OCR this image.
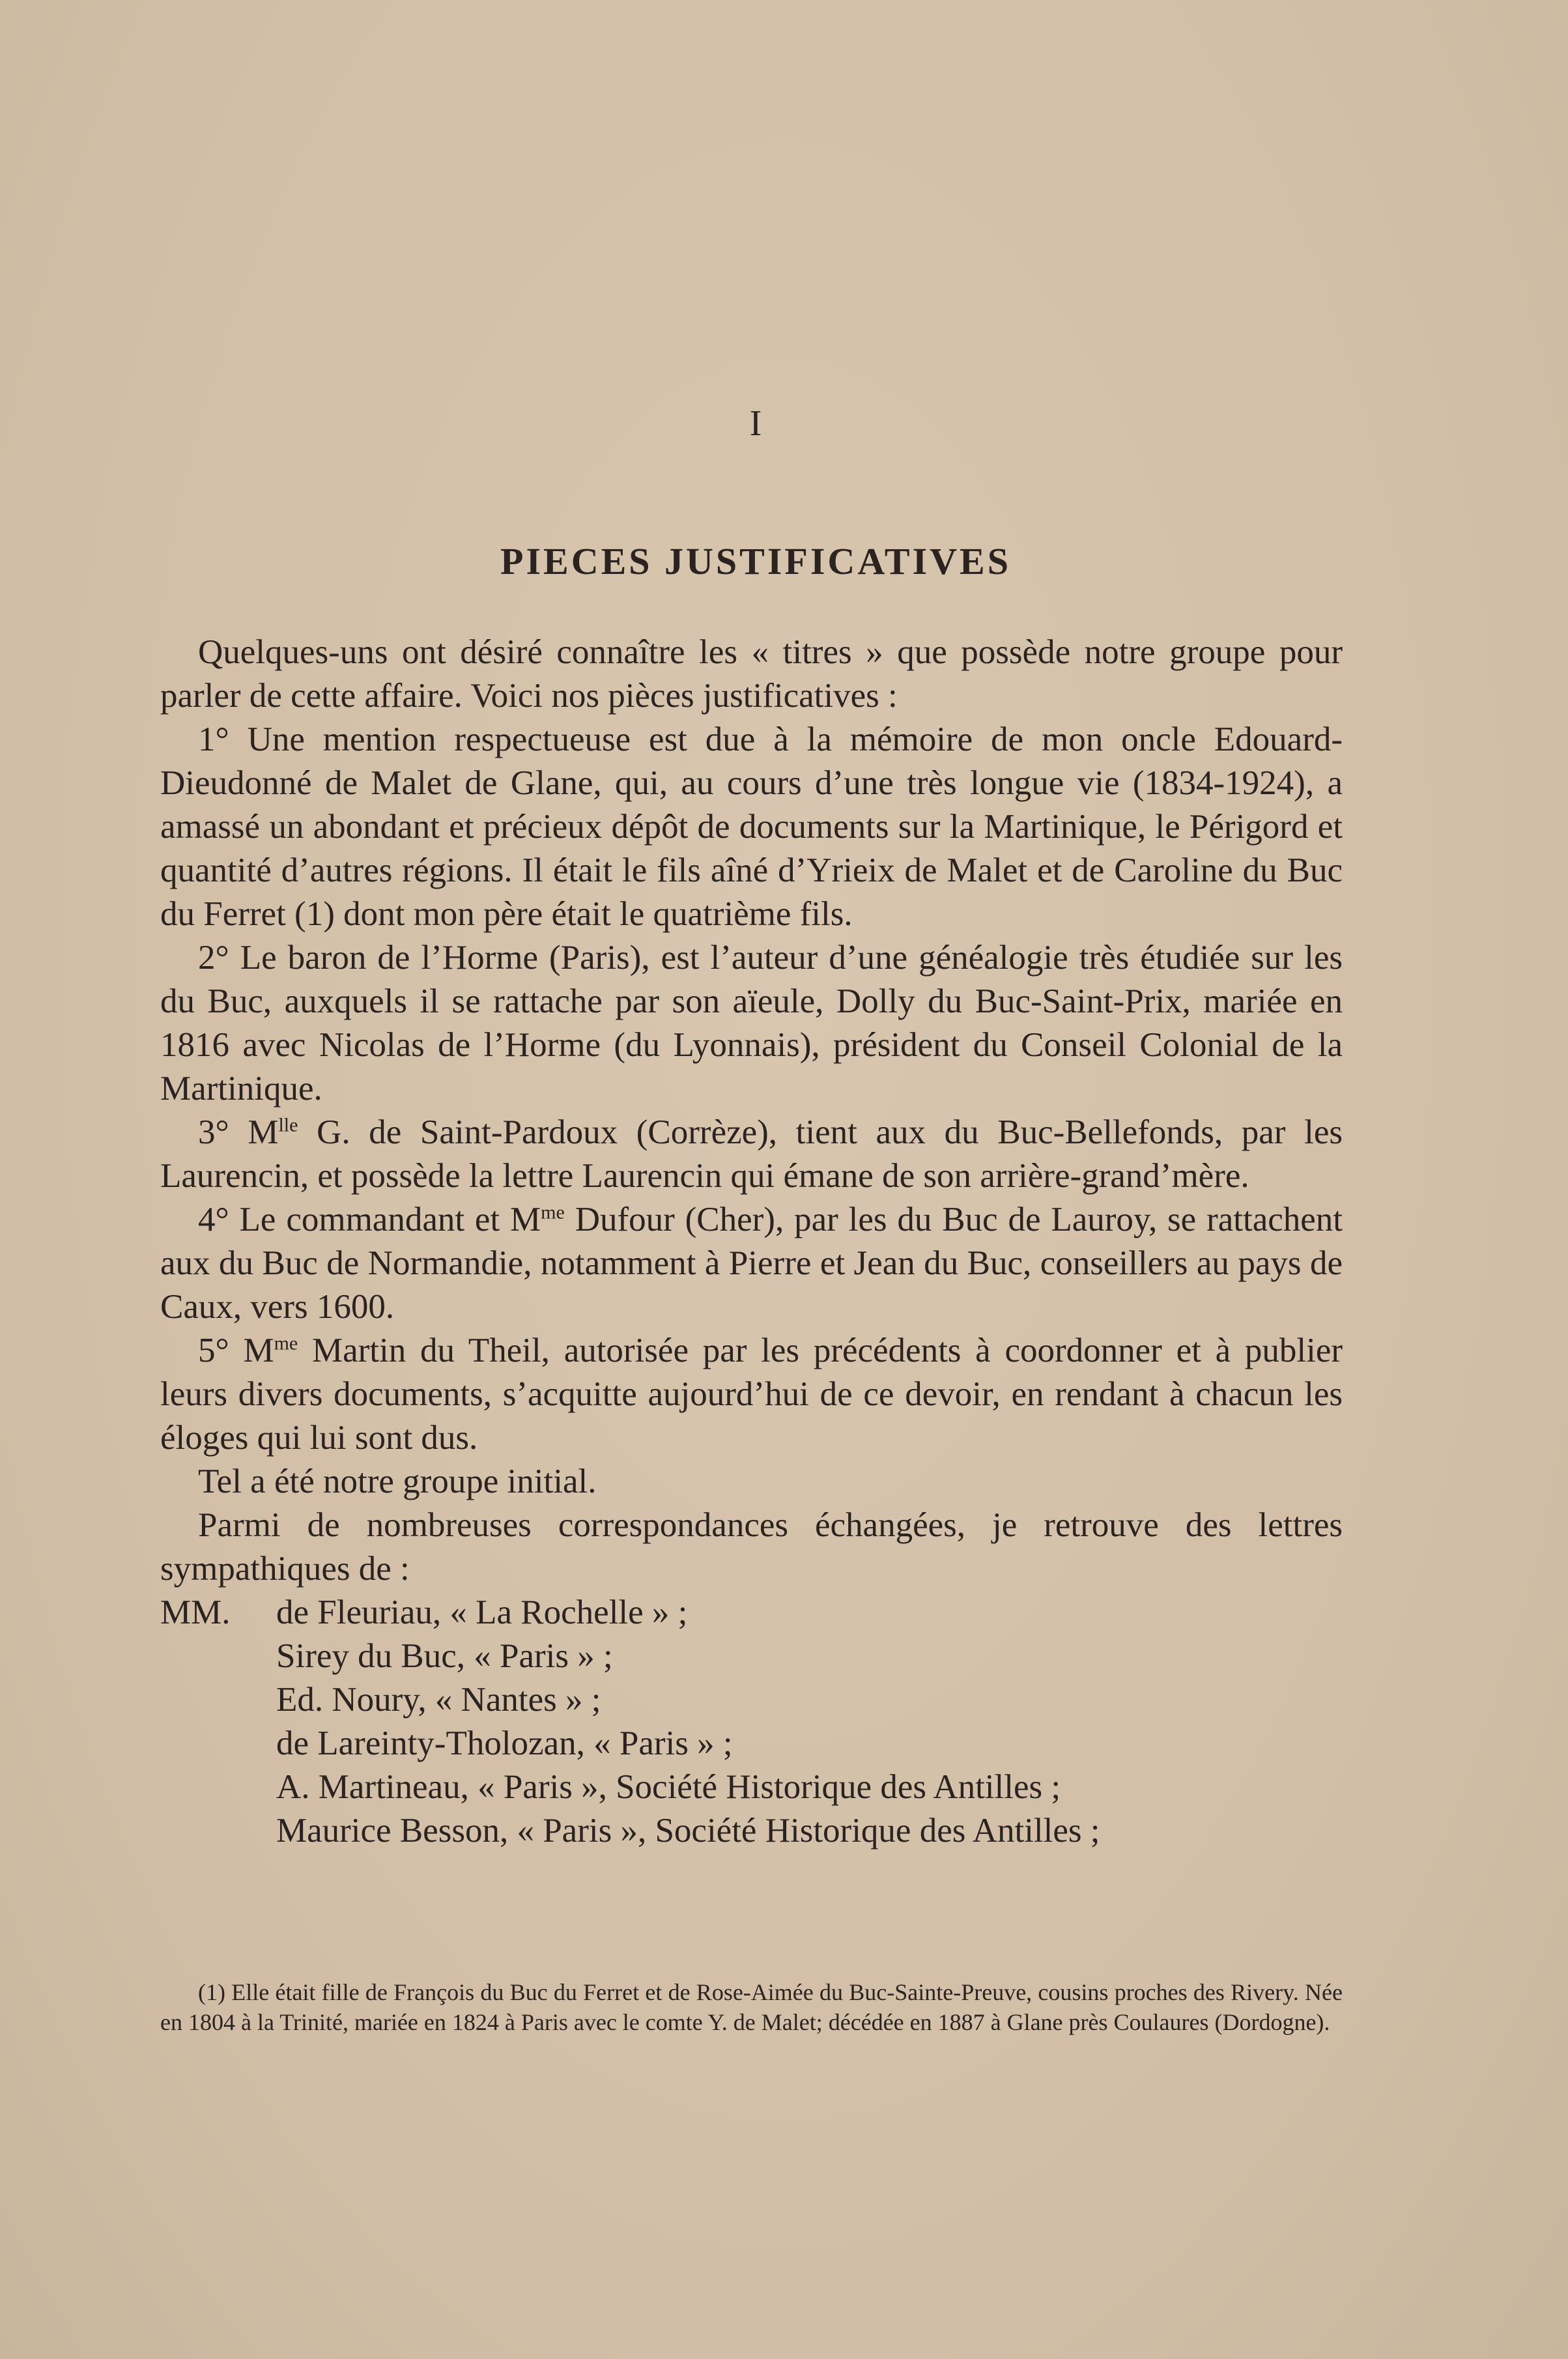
I
PIECES JUSTIFICATIVES

Quelques-uns ont désiré connaître les « titres » que possède notre groupe pour parler de cette affaire. Voici nos pièces justificatives :

1° Une mention respectueuse est due à la mémoire de mon oncle Edouard-Dieudonné de Malet de Glane, qui, au cours d’une très longue vie (1834-1924), a amassé un abondant et précieux dépôt de documents sur la Martinique, le Périgord et quantité d’autres régions. Il était le fils aîné d’Yrieix de Malet et de Caroline du Buc du Ferret (1) dont mon père était le quatrième fils.

2° Le baron de l’Horme (Paris), est l’auteur d’une généalogie très étudiée sur les du Buc, auxquels il se rattache par son aïeule, Dolly du Buc-Saint-Prix, mariée en 1816 avec Nicolas de l’Horme (du Lyonnais), président du Conseil Colonial de la Martinique.

3° $M^{lle}$ G. de Saint-Pardoux (Corrèze), tient aux du Buc-Bellefonds, par les Laurencin, et possède la lettre Laurencin qui émane de son arrière-grand’mère.

4° Le commandant et $M^{me}$ Dufour (Cher), par les du Buc de Lauroy, se rattachent aux du Buc de Normandie, notamment à Pierre et Jean du Buc, conseillers au pays de Caux, vers 1600.

5° $M^{me}$ Martin du Theil, autorisée par les précédents à coordonner et à publier leurs divers documents, s’acquitte aujourd’hui de ce devoir, en rendant à chacun les éloges qui lui sont dus.

Tel a été notre groupe initial.

Parmi de nombreuses correspondances échangées, je retrouve des lettres sympathiques de :

MM.	de Fleuriau, « La Rochelle » ;
Sirey du Buc, « Paris » ;
Ed. Noury, « Nantes » ;
de Lareinty-Tholozan, « Paris » ;
A. Martineau, « Paris », Société Historique des Antilles ;
Maurice Besson, « Paris », Société Historique des Antilles ;
(1) Elle était fille de François du Buc du Ferret et de Rose-Aimée du Buc-Sainte-Preuve, cousins proches des Rivery. Née en 1804 à la Trinité, mariée en 1824 à Paris avec le comte Y. de Malet; décédée en 1887 à Glane près Coulaures (Dordogne).
